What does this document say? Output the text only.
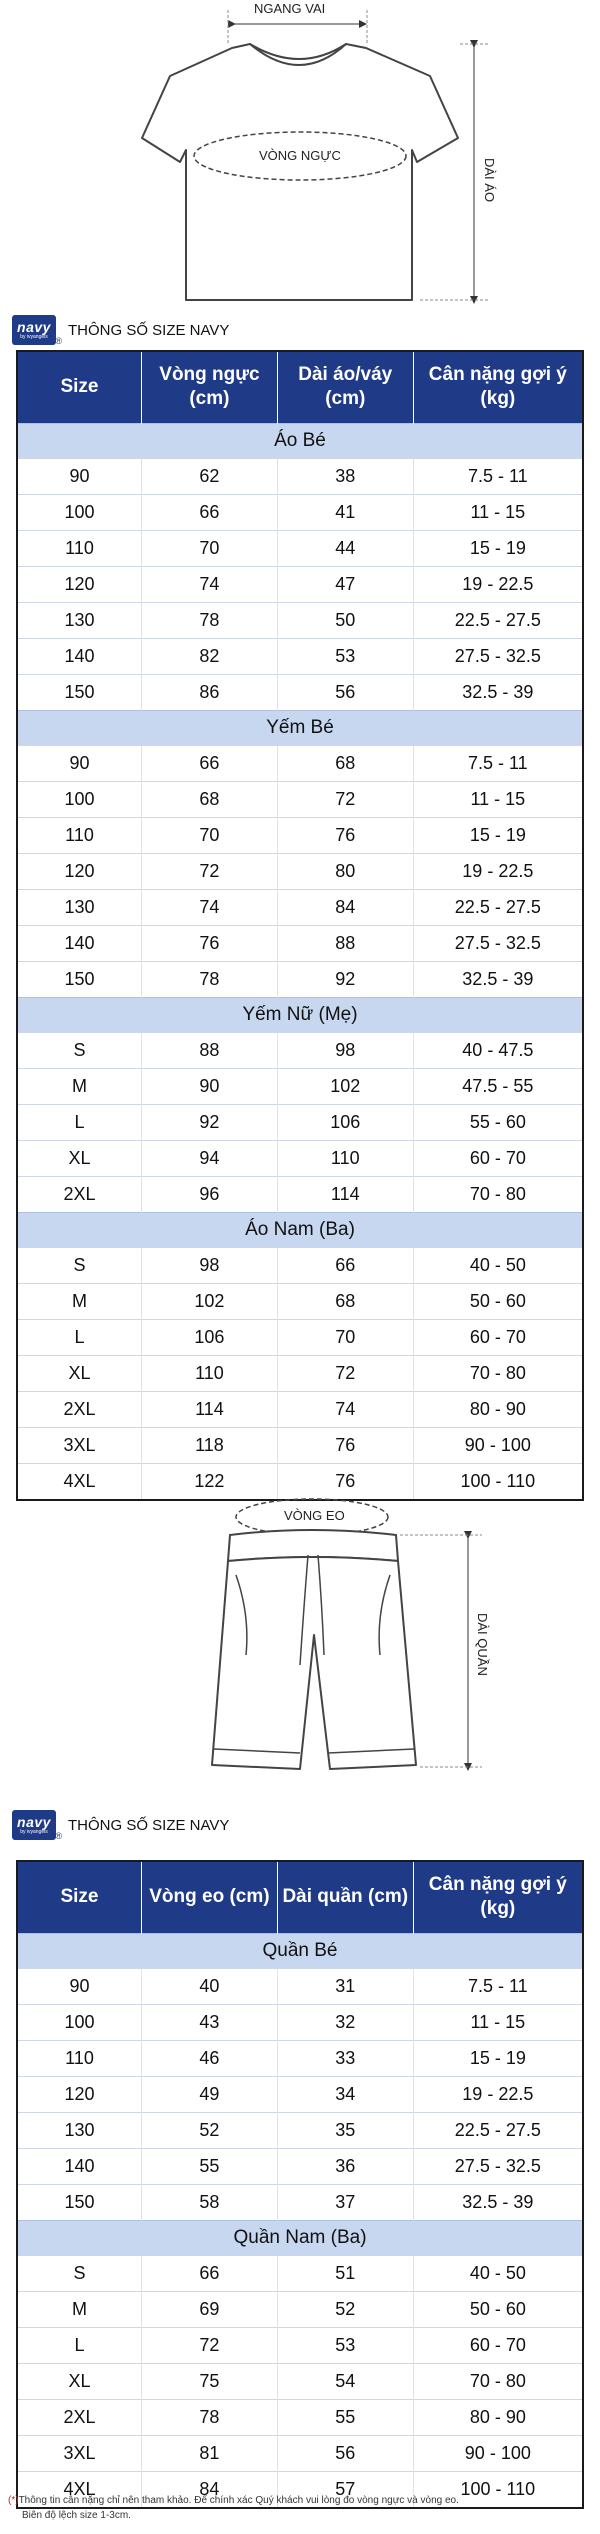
NGANG VAI
VÒNG NGỰC
DÀI ÁO
navy
by ivyangels ®
THÔNG SỐ SIZE NAVY
Size	Vòng ngực (cm)	Dài áo/váy (cm)	Cân nặng gợi ý (kg)
Áo Bé			
90	62	38	7.5 - 11
100	66	41	11 - 15
110	70	44	15 - 19
120	74	47	19 - 22.5
130	78	50	22.5 - 27.5
140	82	53	27.5 - 32.5
150	86	56	32.5 - 39
Yếm Bé			
90	66	68	7.5 - 11
100	68	72	11 - 15
110	70	76	15 - 19
120	72	80	19 - 22.5
130	74	84	22.5 - 27.5
140	76	88	27.5 - 32.5
150	78	92	32.5 - 39
Yếm Nữ (Mẹ)			
S	88	98	40 - 47.5
M	90	102	47.5 - 55
L	92	106	55 - 60
XL	94	110	60 - 70
2XL	96	114	70 - 80
Áo Nam (Ba)			
S	98	66	40 - 50
M	102	68	50 - 60
L	106	70	60 - 70
XL	110	72	70 - 80
2XL	114	74	80 - 90
3XL	118	76	90 - 100
4XL	122	76	100 - 110
VÒNG EO
DÀI QUẦN
navy
by ivyangels ®
THÔNG SỐ SIZE NAVY
Size	Vòng eo (cm)	Dài quần (cm)	Cân nặng gợi ý (kg)
Quần Bé			
90	40	31	7.5 - 11
100	43	32	11 - 15
110	46	33	15 - 19
120	49	34	19 - 22.5
130	52	35	22.5 - 27.5
140	55	36	27.5 - 32.5
150	58	37	32.5 - 39
Quần Nam (Ba)			
S	66	51	40 - 50
M	69	52	50 - 60
L	72	53	60 - 70
XL	75	54	70 - 80
2XL	78	55	80 - 90
3XL	81	56	90 - 100
4XL	84	57	100 - 110
(*)Thông tin cân nặng chỉ nên tham khảo. Để chính xác Quý khách vui lòng đo vòng ngực và vòng eo.
Biên độ lệch size 1-3cm.
